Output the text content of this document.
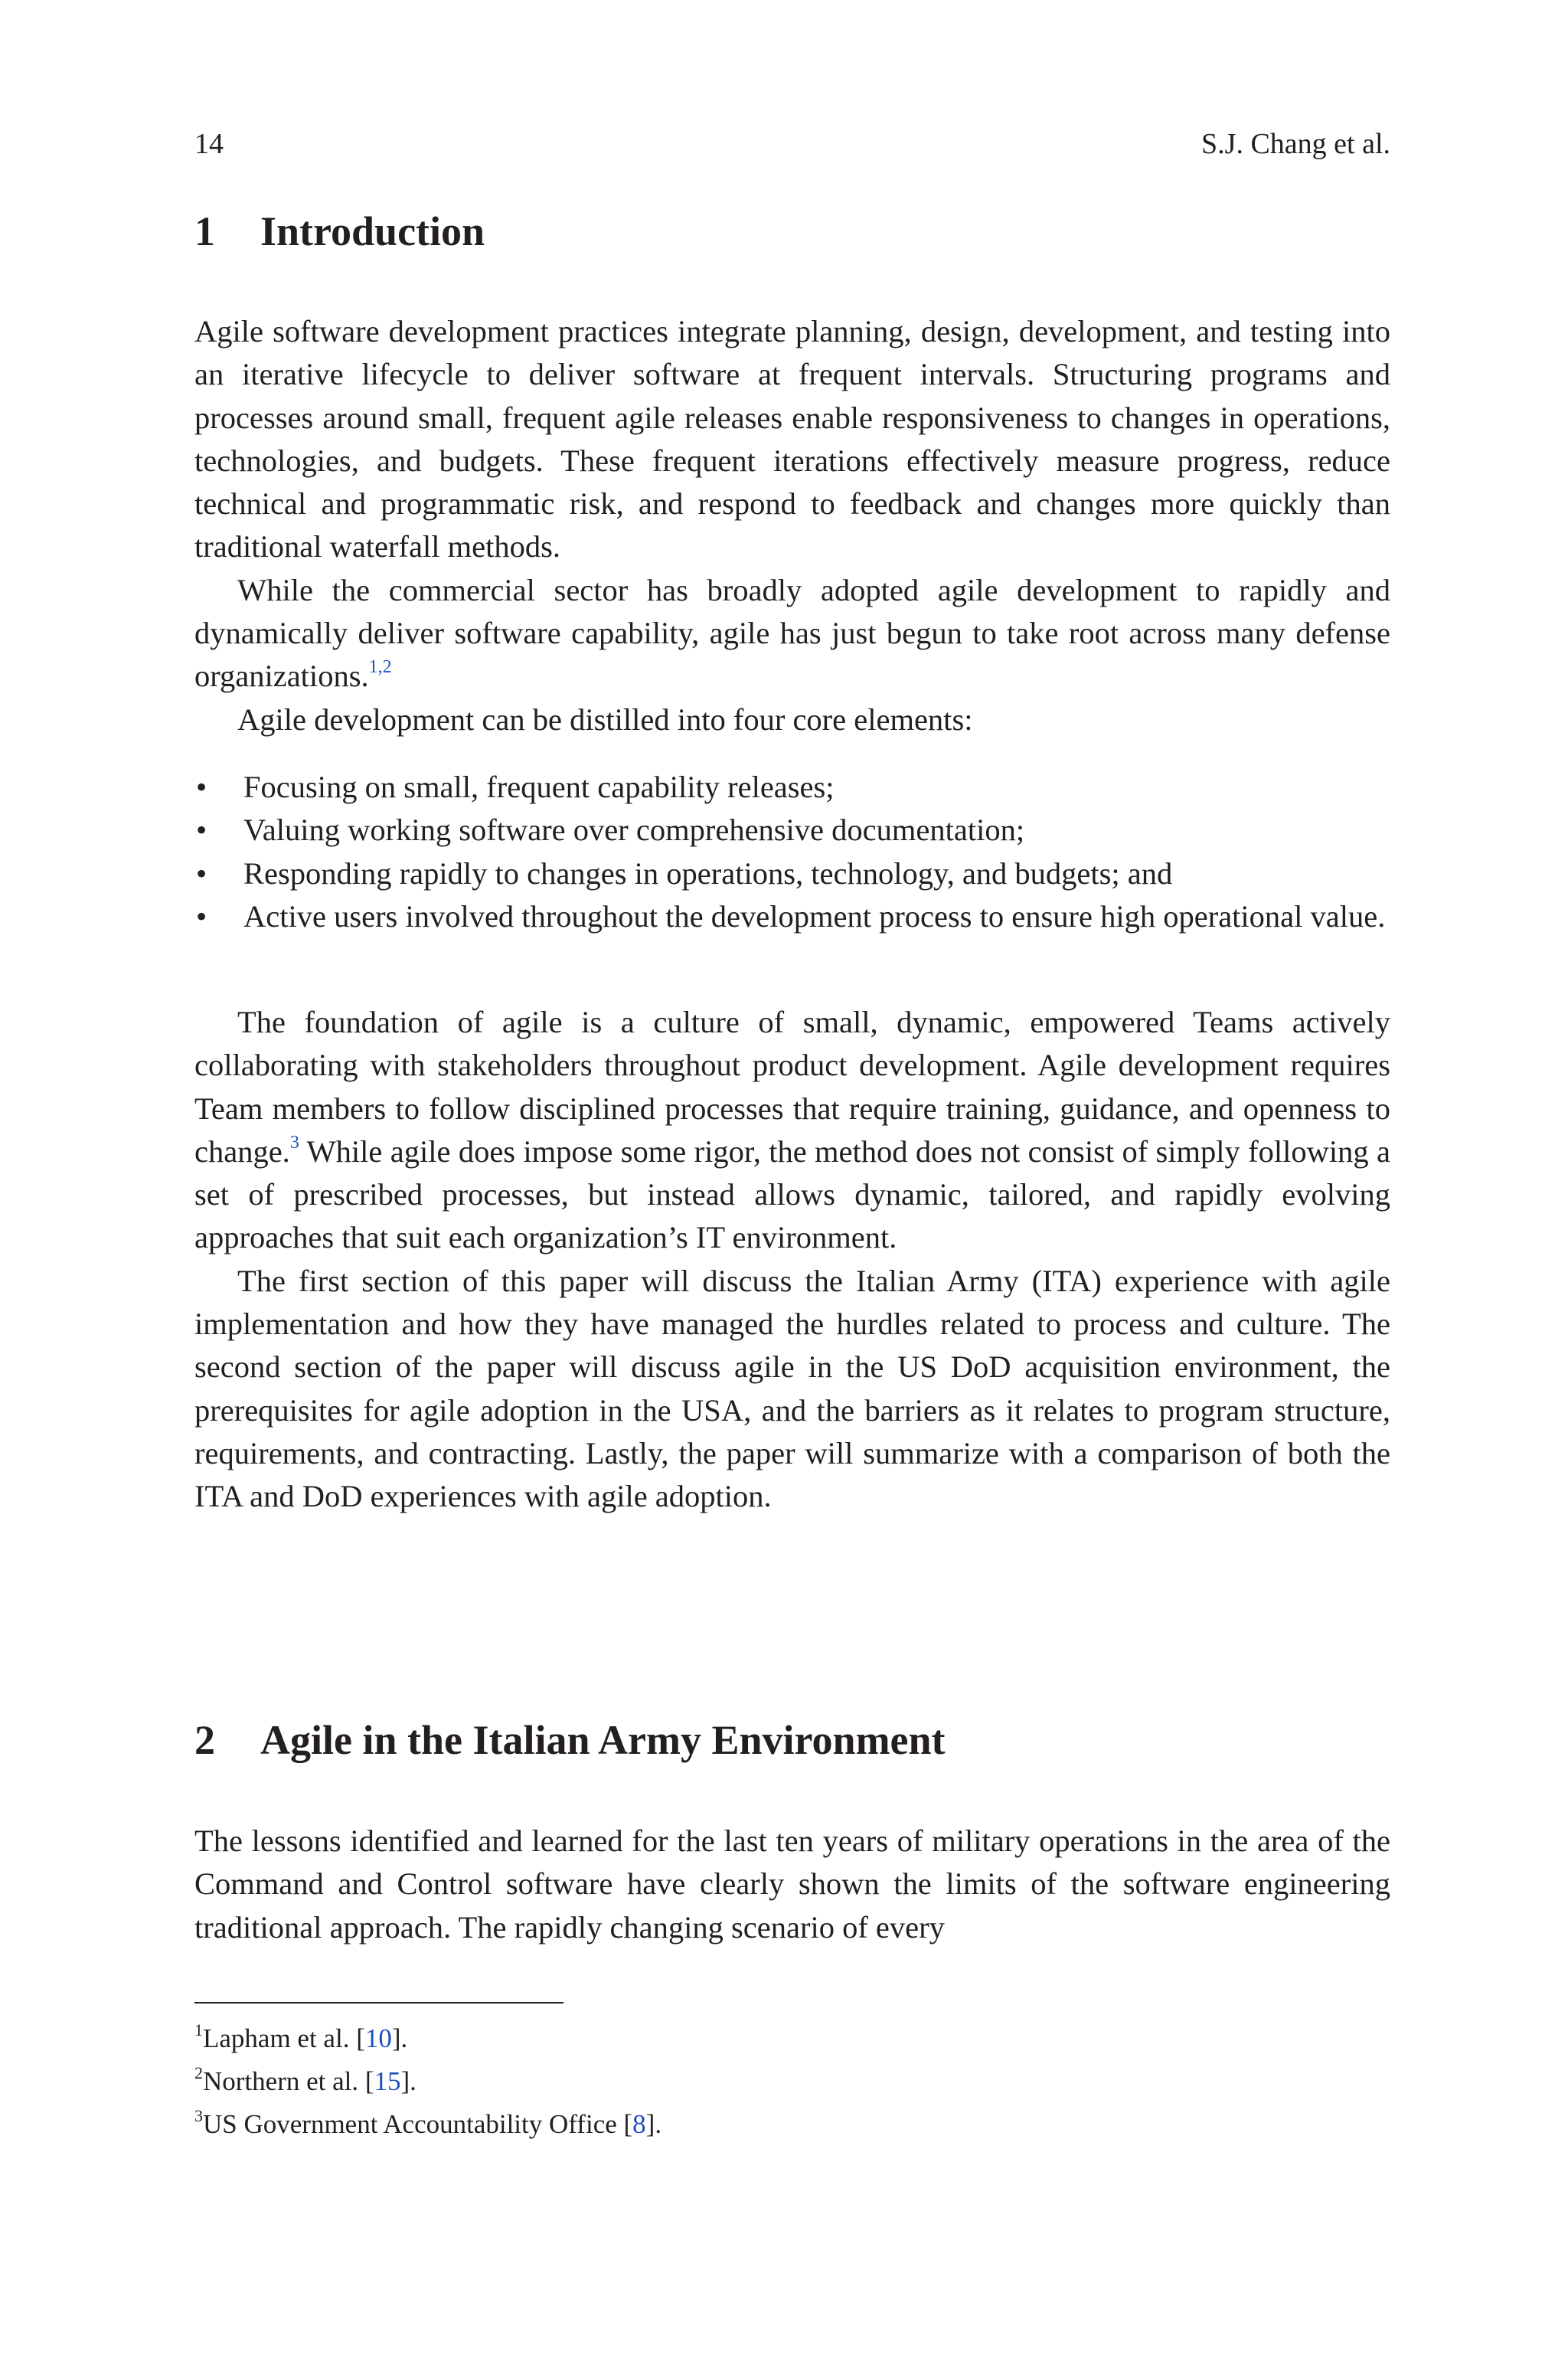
14	S.J. Chang et al.
1 Introduction

Agile software development practices integrate planning, design, development, and testing into an iterative lifecycle to deliver software at frequent intervals. Structuring programs and processes around small, frequent agile releases enable responsiveness to changes in operations, technologies, and budgets. These frequent iterations effectively measure progress, reduce technical and programmatic risk, and respond to feedback and changes more quickly than traditional waterfall methods.

While the commercial sector has broadly adopted agile development to rapidly and dynamically deliver software capability, agile has just begun to take root across many defense organizations.$^{1,2}$

Agile development can be distilled into four core elements:

• Focusing on small, frequent capability releases;
• Valuing working software over comprehensive documentation;
• Responding rapidly to changes in operations, technology, and budgets; and
• Active users involved throughout the development process to ensure high operational value.

The foundation of agile is a culture of small, dynamic, empowered Teams actively collaborating with stakeholders throughout product development. Agile development requires Team members to follow disciplined processes that require training, guidance, and openness to change.$^3$ While agile does impose some rigor, the method does not consist of simply following a set of prescribed processes, but instead allows dynamic, tailored, and rapidly evolving approaches that suit each organization’s IT environment.

The first section of this paper will discuss the Italian Army (ITA) experience with agile implementation and how they have managed the hurdles related to process and culture. The second section of the paper will discuss agile in the US DoD acquisition environment, the prerequisites for agile adoption in the USA, and the barriers as it relates to program structure, requirements, and contracting. Lastly, the paper will summarize with a comparison of both the ITA and DoD experiences with agile adoption.

2 Agile in the Italian Army Environment

The lessons identified and learned for the last ten years of military operations in the area of the Command and Control software have clearly shown the limits of the software engineering traditional approach. The rapidly changing scenario of every

$^1$Lapham et al. [10].
$^2$Northern et al. [15].
$^3$US Government Accountability Office [8].
